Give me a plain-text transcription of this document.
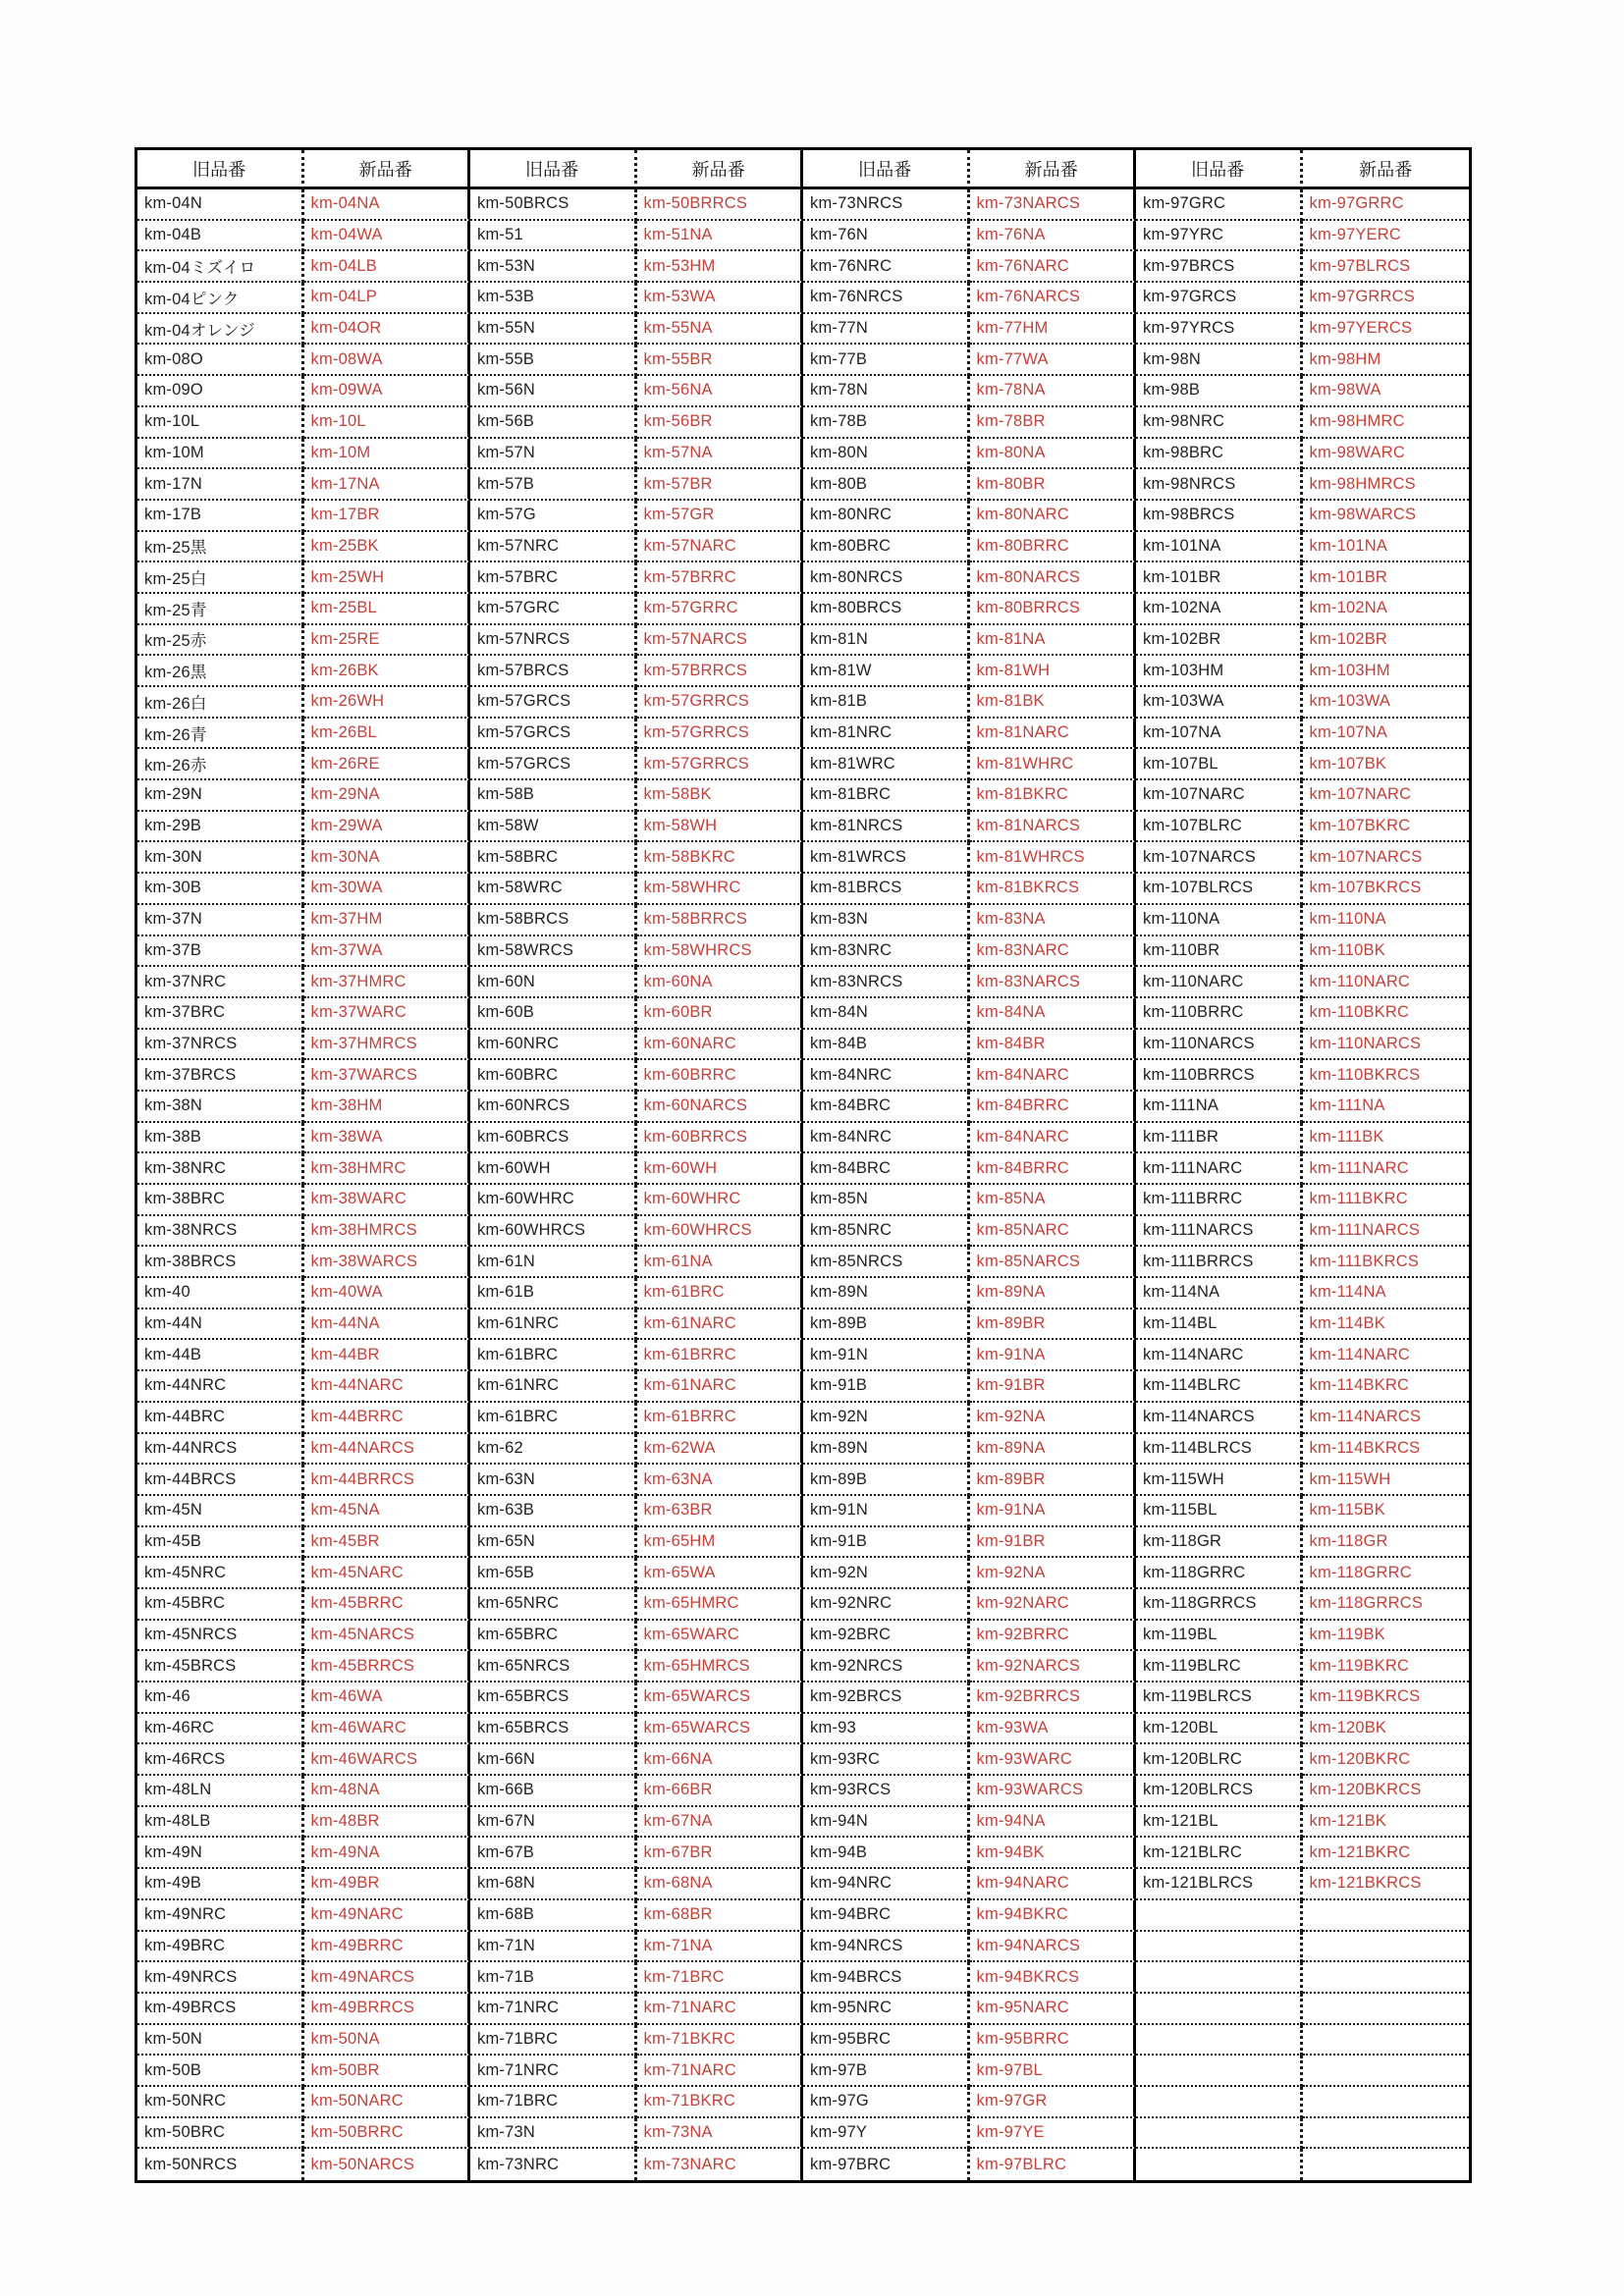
旧品番	新品番	旧品番	新品番	旧品番	新品番	旧品番	新品番
km-04N	km-04NA	km-50BRCS	km-50BRRCS	km-73NRCS	km-73NARCS	km-97GRC	km-97GRRC
km-04B	km-04WA	km-51	km-51NA	km-76N	km-76NA	km-97YRC	km-97YERC
km-04ミズイロ	km-04LB	km-53N	km-53HM	km-76NRC	km-76NARC	km-97BRCS	km-97BLRCS
km-04ピンク	km-04LP	km-53B	km-53WA	km-76NRCS	km-76NARCS	km-97GRCS	km-97GRRCS
km-04オレンジ	km-04OR	km-55N	km-55NA	km-77N	km-77HM	km-97YRCS	km-97YERCS
km-08O	km-08WA	km-55B	km-55BR	km-77B	km-77WA	km-98N	km-98HM
km-09O	km-09WA	km-56N	km-56NA	km-78N	km-78NA	km-98B	km-98WA
km-10L	km-10L	km-56B	km-56BR	km-78B	km-78BR	km-98NRC	km-98HMRC
km-10M	km-10M	km-57N	km-57NA	km-80N	km-80NA	km-98BRC	km-98WARC
km-17N	km-17NA	km-57B	km-57BR	km-80B	km-80BR	km-98NRCS	km-98HMRCS
km-17B	km-17BR	km-57G	km-57GR	km-80NRC	km-80NARC	km-98BRCS	km-98WARCS
km-25黒	km-25BK	km-57NRC	km-57NARC	km-80BRC	km-80BRRC	km-101NA	km-101NA
km-25白	km-25WH	km-57BRC	km-57BRRC	km-80NRCS	km-80NARCS	km-101BR	km-101BR
km-25青	km-25BL	km-57GRC	km-57GRRC	km-80BRCS	km-80BRRCS	km-102NA	km-102NA
km-25赤	km-25RE	km-57NRCS	km-57NARCS	km-81N	km-81NA	km-102BR	km-102BR
km-26黒	km-26BK	km-57BRCS	km-57BRRCS	km-81W	km-81WH	km-103HM	km-103HM
km-26白	km-26WH	km-57GRCS	km-57GRRCS	km-81B	km-81BK	km-103WA	km-103WA
km-26青	km-26BL	km-57GRCS	km-57GRRCS	km-81NRC	km-81NARC	km-107NA	km-107NA
km-26赤	km-26RE	km-57GRCS	km-57GRRCS	km-81WRC	km-81WHRC	km-107BL	km-107BK
km-29N	km-29NA	km-58B	km-58BK	km-81BRC	km-81BKRC	km-107NARC	km-107NARC
km-29B	km-29WA	km-58W	km-58WH	km-81NRCS	km-81NARCS	km-107BLRC	km-107BKRC
km-30N	km-30NA	km-58BRC	km-58BKRC	km-81WRCS	km-81WHRCS	km-107NARCS	km-107NARCS
km-30B	km-30WA	km-58WRC	km-58WHRC	km-81BRCS	km-81BKRCS	km-107BLRCS	km-107BKRCS
km-37N	km-37HM	km-58BRCS	km-58BRRCS	km-83N	km-83NA	km-110NA	km-110NA
km-37B	km-37WA	km-58WRCS	km-58WHRCS	km-83NRC	km-83NARC	km-110BR	km-110BK
km-37NRC	km-37HMRC	km-60N	km-60NA	km-83NRCS	km-83NARCS	km-110NARC	km-110NARC
km-37BRC	km-37WARC	km-60B	km-60BR	km-84N	km-84NA	km-110BRRC	km-110BKRC
km-37NRCS	km-37HMRCS	km-60NRC	km-60NARC	km-84B	km-84BR	km-110NARCS	km-110NARCS
km-37BRCS	km-37WARCS	km-60BRC	km-60BRRC	km-84NRC	km-84NARC	km-110BRRCS	km-110BKRCS
km-38N	km-38HM	km-60NRCS	km-60NARCS	km-84BRC	km-84BRRC	km-111NA	km-111NA
km-38B	km-38WA	km-60BRCS	km-60BRRCS	km-84NRC	km-84NARC	km-111BR	km-111BK
km-38NRC	km-38HMRC	km-60WH	km-60WH	km-84BRC	km-84BRRC	km-111NARC	km-111NARC
km-38BRC	km-38WARC	km-60WHRC	km-60WHRC	km-85N	km-85NA	km-111BRRC	km-111BKRC
km-38NRCS	km-38HMRCS	km-60WHRCS	km-60WHRCS	km-85NRC	km-85NARC	km-111NARCS	km-111NARCS
km-38BRCS	km-38WARCS	km-61N	km-61NA	km-85NRCS	km-85NARCS	km-111BRRCS	km-111BKRCS
km-40	km-40WA	km-61B	km-61BRC	km-89N	km-89NA	km-114NA	km-114NA
km-44N	km-44NA	km-61NRC	km-61NARC	km-89B	km-89BR	km-114BL	km-114BK
km-44B	km-44BR	km-61BRC	km-61BRRC	km-91N	km-91NA	km-114NARC	km-114NARC
km-44NRC	km-44NARC	km-61NRC	km-61NARC	km-91B	km-91BR	km-114BLRC	km-114BKRC
km-44BRC	km-44BRRC	km-61BRC	km-61BRRC	km-92N	km-92NA	km-114NARCS	km-114NARCS
km-44NRCS	km-44NARCS	km-62	km-62WA	km-89N	km-89NA	km-114BLRCS	km-114BKRCS
km-44BRCS	km-44BRRCS	km-63N	km-63NA	km-89B	km-89BR	km-115WH	km-115WH
km-45N	km-45NA	km-63B	km-63BR	km-91N	km-91NA	km-115BL	km-115BK
km-45B	km-45BR	km-65N	km-65HM	km-91B	km-91BR	km-118GR	km-118GR
km-45NRC	km-45NARC	km-65B	km-65WA	km-92N	km-92NA	km-118GRRC	km-118GRRC
km-45BRC	km-45BRRC	km-65NRC	km-65HMRC	km-92NRC	km-92NARC	km-118GRRCS	km-118GRRCS
km-45NRCS	km-45NARCS	km-65BRC	km-65WARC	km-92BRC	km-92BRRC	km-119BL	km-119BK
km-45BRCS	km-45BRRCS	km-65NRCS	km-65HMRCS	km-92NRCS	km-92NARCS	km-119BLRC	km-119BKRC
km-46	km-46WA	km-65BRCS	km-65WARCS	km-92BRCS	km-92BRRCS	km-119BLRCS	km-119BKRCS
km-46RC	km-46WARC	km-65BRCS	km-65WARCS	km-93	km-93WA	km-120BL	km-120BK
km-46RCS	km-46WARCS	km-66N	km-66NA	km-93RC	km-93WARC	km-120BLRC	km-120BKRC
km-48LN	km-48NA	km-66B	km-66BR	km-93RCS	km-93WARCS	km-120BLRCS	km-120BKRCS
km-48LB	km-48BR	km-67N	km-67NA	km-94N	km-94NA	km-121BL	km-121BK
km-49N	km-49NA	km-67B	km-67BR	km-94B	km-94BK	km-121BLRC	km-121BKRC
km-49B	km-49BR	km-68N	km-68NA	km-94NRC	km-94NARC	km-121BLRCS	km-121BKRCS
km-49NRC	km-49NARC	km-68B	km-68BR	km-94BRC	km-94BKRC
km-49BRC	km-49BRRC	km-71N	km-71NA	km-94NRCS	km-94NARCS
km-49NRCS	km-49NARCS	km-71B	km-71BRC	km-94BRCS	km-94BKRCS
km-49BRCS	km-49BRRCS	km-71NRC	km-71NARC	km-95NRC	km-95NARC
km-50N	km-50NA	km-71BRC	km-71BKRC	km-95BRC	km-95BRRC
km-50B	km-50BR	km-71NRC	km-71NARC	km-97B	km-97BL
km-50NRC	km-50NARC	km-71BRC	km-71BKRC	km-97G	km-97GR
km-50BRC	km-50BRRC	km-73N	km-73NA	km-97Y	km-97YE
km-50NRCS	km-50NARCS	km-73NRC	km-73NARC	km-97BRC	km-97BLRC
